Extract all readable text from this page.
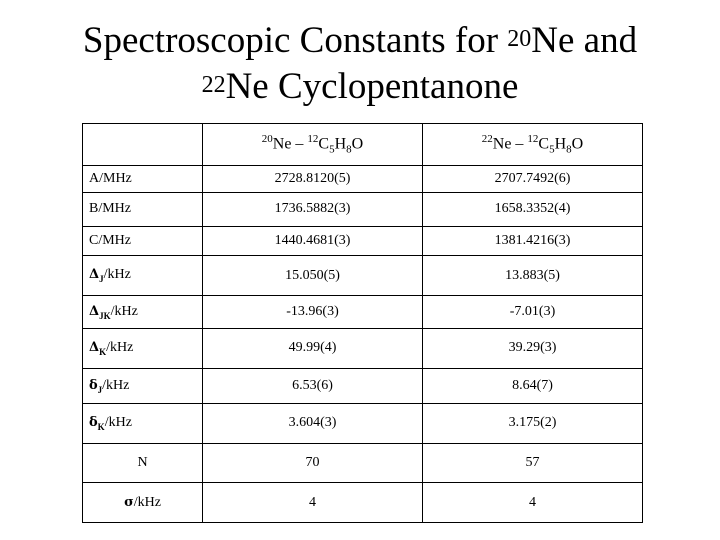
Spectroscopic Constants for $^{20}$Ne and
$^{22}$Ne Cyclopentanone
	$^{20}Ne - ^{12}C_5H_8O$	$^{22}Ne - ^{12}C_5H_8O$
A/MHz	2728.8120(5)	2707.7492(6)
B/MHz	1736.5882(3)	1658.3352(4)
C/MHz	1440.4681(3)	1381.4216(3)
$\Delta_J$/kHz	15.050(5)	13.883(5)
$\Delta_{JK}$/kHz	-13.96(3)	-7.01(3)
$\Delta_K$/kHz	49.99(4)	39.29(3)
$\delta_J$/kHz	6.53(6)	8.64(7)
$\delta_K$/kHz	3.604(3)	3.175(2)
N	70	57
σ/kHz	4	4
